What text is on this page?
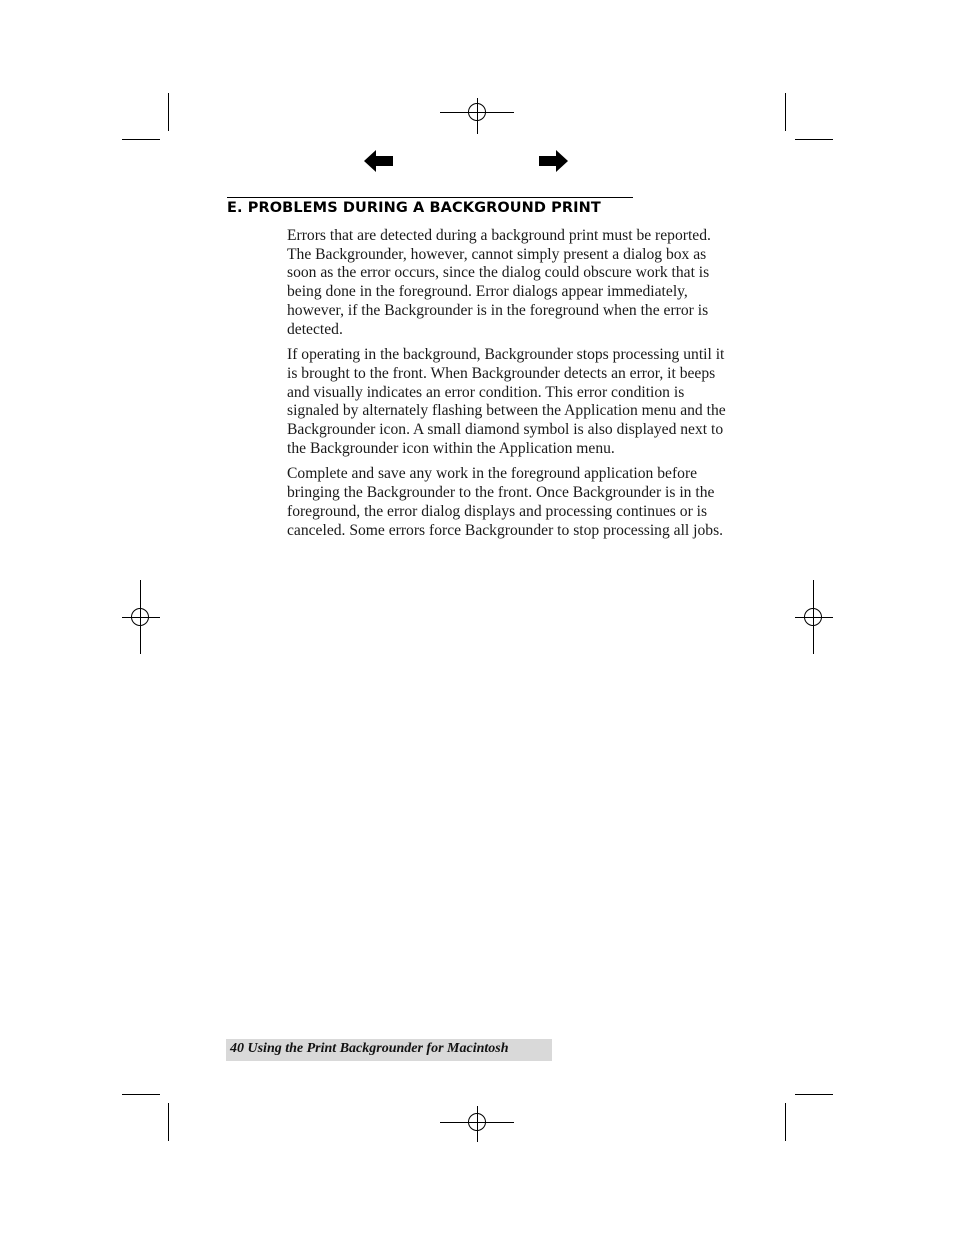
E. PROBLEMS DURING A BACKGROUND PRINT

Errors that are detected during a background print must be reported. The Backgrounder, however, cannot simply present a dialog box as soon as the error occurs, since the dialog could obscure work that is being done in the foreground. Error dialogs appear immediately, however, if the Backgrounder is in the foreground when the error is detected.

If operating in the background, Backgrounder stops processing until it is brought to the front. When Backgrounder detects an error, it beeps and visually indicates an error condition. This error condition is signaled by alternately flashing between the Application menu and the Backgrounder icon. A small diamond symbol is also displayed next to the Backgrounder icon within the Application menu.

Complete and save any work in the foreground application before bringing the Backgrounder to the front. Once Backgrounder is in the foreground, the error dialog displays and processing continues or is canceled. Some errors force Backgrounder to stop processing all jobs.

40 Using the Print Backgrounder for Macintosh
